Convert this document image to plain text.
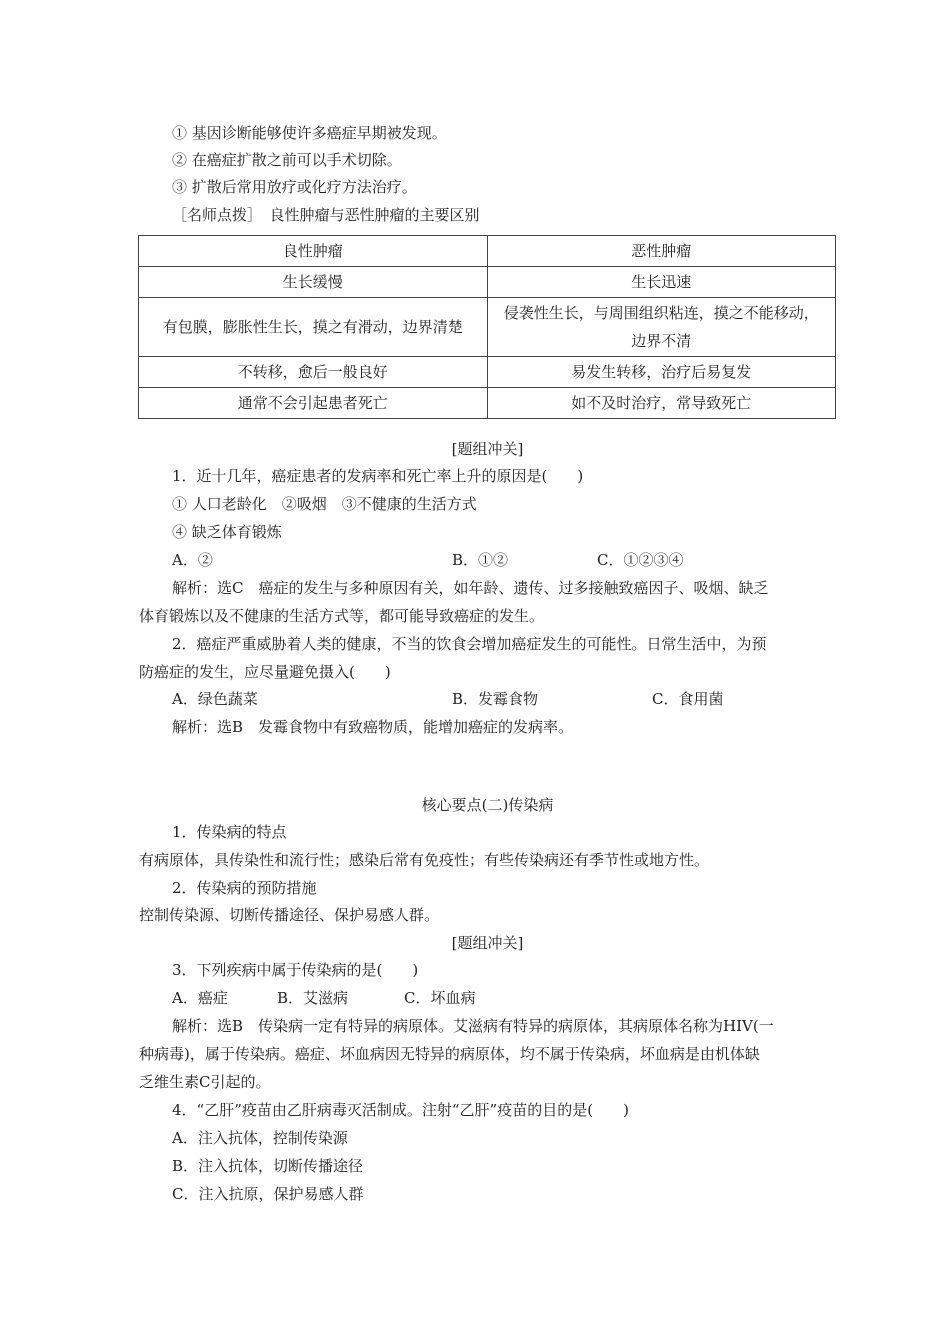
① 基因诊断能够使许多癌症早期被发现。
② 在癌症扩散之前可以手术切除。
③ 扩散后常用放疗或化疗方法治疗。
［名师点拨］　良性肿瘤与恶性肿瘤的主要区别
良性肿瘤	恶性肿瘤
生长缓慢	生长迅速
有包膜，膨胀性生长，摸之有滑动，边界清楚	侵袭性生长，与周围组织粘连，摸之不能移动，边界不清
不转移，愈后一般良好	易发生转移，治疗后易复发
通常不会引起患者死亡	如不及时治疗，常导致死亡
[题组冲关]
1．近十几年，癌症患者的发病率和死亡率上升的原因是(　　)
① 人口老龄化　②吸烟　③不健康的生活方式
④ 缺乏体育锻炼
A．②	B．①②	C．①②③④
解析：选C　癌症的发生与多种原因有关，如年龄、遗传、过多接触致癌因子、吸烟、缺乏
体育锻炼以及不健康的生活方式等，都可能导致癌症的发生。
2．癌症严重威胁着人类的健康，不当的饮食会增加癌症发生的可能性。日常生活中，为预
防癌症的发生，应尽量避免摄入(　　)
A．绿色蔬菜	B．发霉食物	C．食用菌
解析：选B　发霉食物中有致癌物质，能增加癌症的发病率。
核心要点(二)传染病
1．传染病的特点
有病原体，具传染性和流行性；感染后常有免疫性；有些传染病还有季节性或地方性。
2．传染病的预防措施
控制传染源、切断传播途径、保护易感人群。
[题组冲关]
3．下列疾病中属于传染病的是(　　)
A．癌症	B．艾滋病	C．坏血病
解析：选B　传染病一定有特异的病原体。艾滋病有特异的病原体，其病原体名称为HIV(一
种病毒)，属于传染病。癌症、坏血病因无特异的病原体，均不属于传染病，坏血病是由机体缺
乏维生素C引起的。
4．“乙肝”疫苗由乙肝病毒灭活制成。注射“乙肝”疫苗的目的是(　　)
A．注入抗体，控制传染源
B．注入抗体，切断传播途径
C．注入抗原，保护易感人群
